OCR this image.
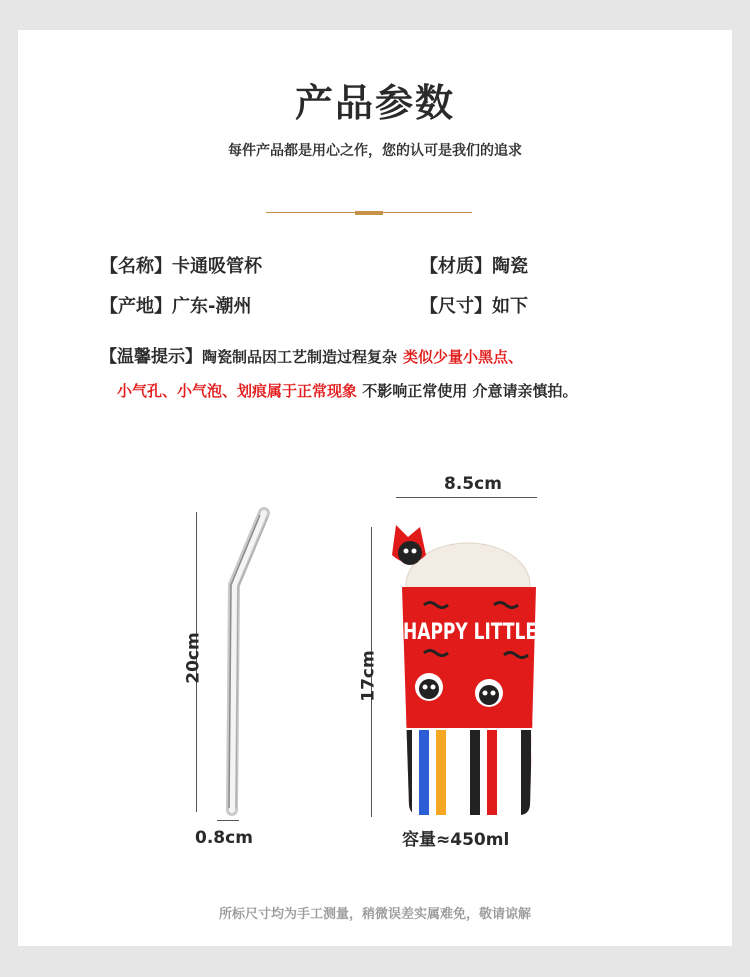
产品参数
每件产品都是用心之作，您的认可是我们的追求
【名称】卡通吸管杯	【材质】陶瓷
【产地】广东-潮州	【尺寸】如下
【温馨提示】陶瓷制品因工艺制造过程复杂 类似少量小黑点、
小气孔、小气泡、划痕属于正常现象 不影响正常使用 介意请亲慎拍。
20cm
0.8cm
17cm
8.5cm
容量≈450ml
HAPPY LITTLE
所标尺寸均为手工测量，稍微误差实属难免，敬请谅解
